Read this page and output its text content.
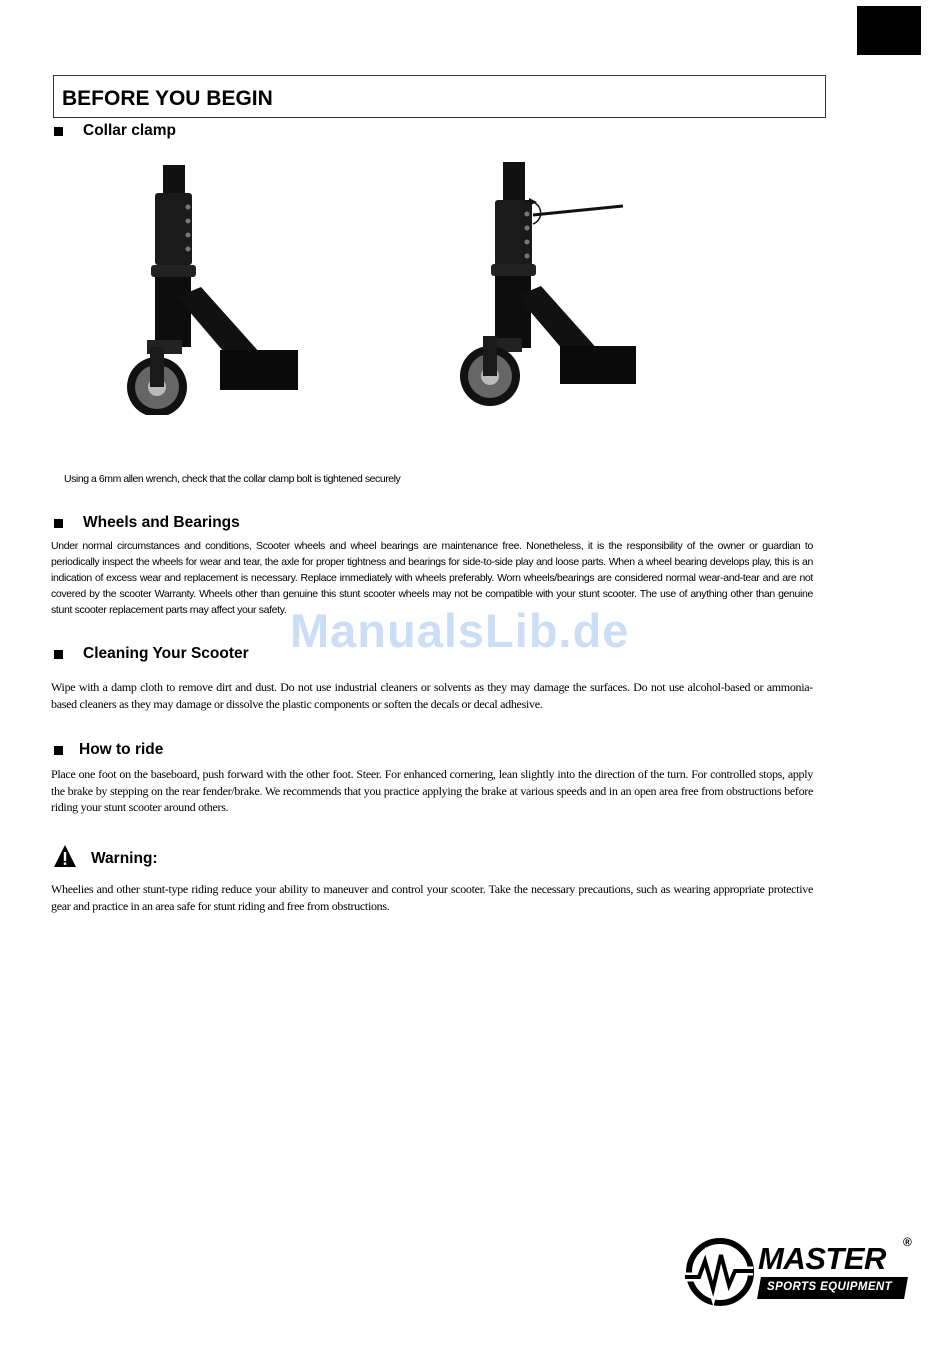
BEFORE YOU BEGIN
Collar clamp
Using a 6mm allen wrench, check that the collar clamp bolt is tightened securely
Wheels and Bearings

Under normal circumstances and conditions, Scooter wheels and wheel bearings are maintenance free. Nonetheless, it is the responsibility of the owner or guardian to periodically inspect the wheels for wear and tear, the axle for proper tightness and bearings for side-to-side play and loose parts. When a wheel bearing develops play, this is an indication of excess wear and replacement is necessary. Replace immediately with wheels preferably. Worn wheels/bearings are considered normal wear-and-tear and are not covered by the scooter Warranty. Wheels other than genuine this stunt scooter wheels may not be compatible with your stunt scooter. The use of anything other than genuine stunt scooter replacement parts may affect your safety. ManualsLib.de
Cleaning Your Scooter

Wipe with a damp cloth to remove dirt and dust. Do not use industrial cleaners or solvents as they may damage the surfaces. Do not use alcohol-based or ammonia-based cleaners as they may damage or dissolve the plastic components or soften the decals or decal adhesive.

How to ride

Place one foot on the baseboard, push forward with the other foot. Steer. For enhanced cornering, lean slightly into the direction of the turn. For controlled stops, apply the brake by stepping on the rear fender/brake. We recommends that you practice applying the brake at various speeds and in an open area free from obstructions before riding your stunt scooter around others.

Warning:

Wheelies and other stunt-type riding reduce your ability to maneuver and control your scooter. Take the necessary precautions, such as wearing appropriate protective gear and practice in an area safe for stunt riding and free from obstructions.

MASTER
SPORTS EQUIPMENT
®
